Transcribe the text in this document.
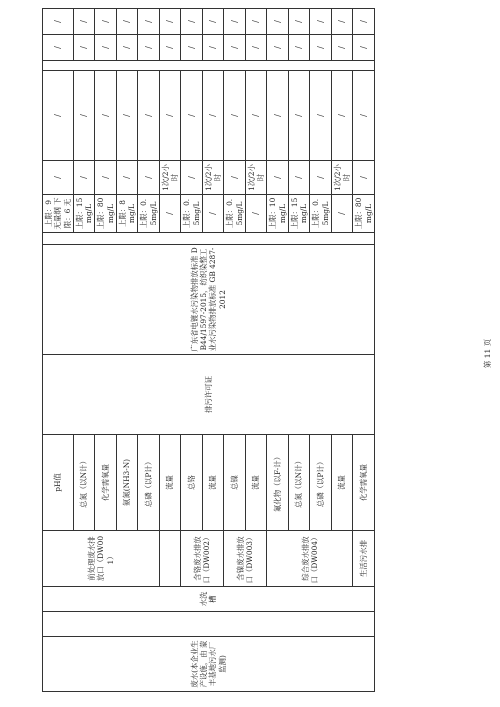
废水(本企业生产设施，由 蒙丰基地污水厂监测)		水洗槽	前处理废水排放口（DW001）	pH值	排污许可证	广东省电镀水污染物排放标准 DB44/1597-2015，纺织染整工业水污染物排放标准 GB 4287-2012		上限：9 无量纲 下限：6 无	/	/		/	/
				总氮（以N计）				上限：15mg/L	/	/		/	/
				化学需氧量				上限：80mg/L	/	/		/	/
				氨氮(NH3-N)				上限：8mg/L	/	/		/	/
				总磷（以P计）				上限：0.5mg/L	/	/		/	/
				流量				/	1次/2小时	/		/	/
			含铬废水排放口（DW002）	总铬				上限：0.5mg/L	/	/		/	/
				流量				/	1次/2小时	/		/	/
			含镍废水排放口（DW003）	总镍				上限：0.5mg/L	/	/		/	/
				流量				/	1次/2小时	/		/	/
			综合废水排放口（DW004）	氟化物（以F-计）				上限：10mg/L	/	/		/	/
				总氮（以N计）				上限：15mg/L	/	/		/	/
				总磷（以P计）				上限：0.5mg/L	/	/		/	/
				流量				/	1次/2小时	/		/	/
			生活污水排	化学需氧量				上限：80mg/L	/	/		/	/
第 11 页
